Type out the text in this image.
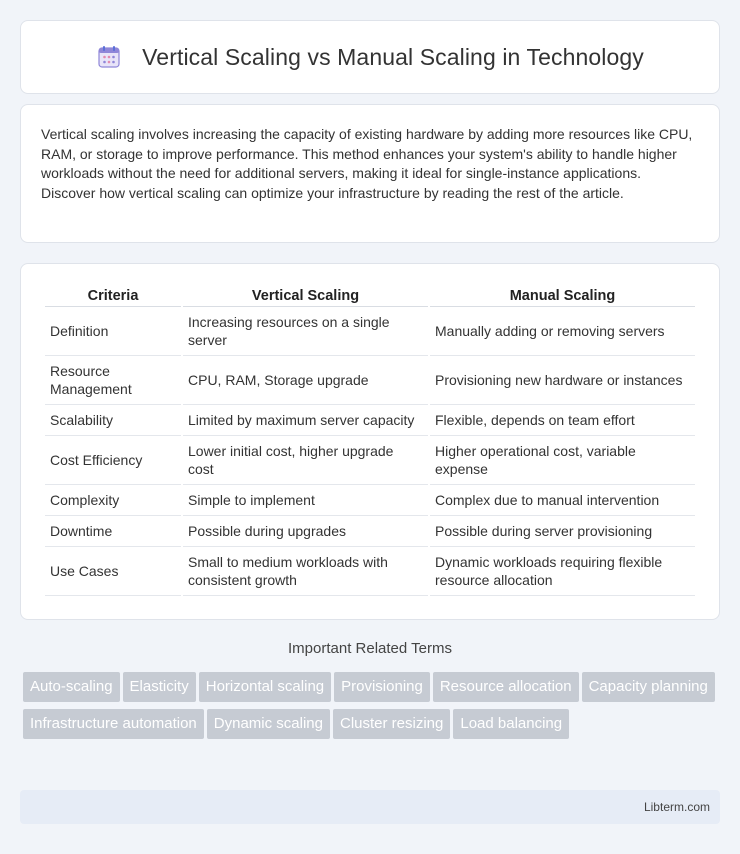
Vertical Scaling vs Manual Scaling in Technology

Vertical scaling involves increasing the capacity of existing hardware by adding more resources like CPU, RAM, or storage to improve performance. This method enhances your system's ability to handle higher workloads without the need for additional servers, making it ideal for single-instance applications. Discover how vertical scaling can optimize your infrastructure by reading the rest of the article.

Criteria	Vertical Scaling	Manual Scaling
Definition	Increasing resources on a single server	Manually adding or removing servers
Resource Management	CPU, RAM, Storage upgrade	Provisioning new hardware or instances
Scalability	Limited by maximum server capacity	Flexible, depends on team effort
Cost Efficiency	Lower initial cost, higher upgrade cost	Higher operational cost, variable expense
Complexity	Simple to implement	Complex due to manual intervention
Downtime	Possible during upgrades	Possible during server provisioning
Use Cases	Small to medium workloads with consistent growth	Dynamic workloads requiring flexible resource allocation
Important Related Terms
Auto-scaling	Elasticity	Horizontal scaling	Provisioning	Resource allocation	Capacity planning
Infrastructure automation	Dynamic scaling	Cluster resizing	Load balancing
Libterm.com
